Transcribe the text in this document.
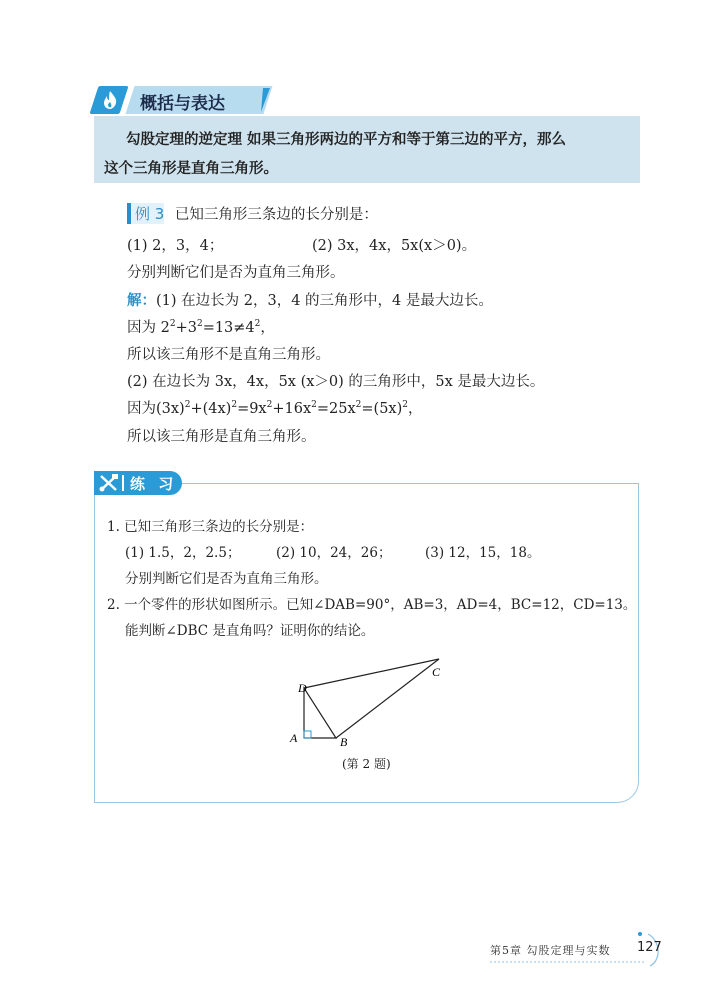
概括与表达
勾股定理的逆定理 如果三角形两边的平方和等于第三边的平方，那么
这个三角形是直角三角形。
例 3 已知三角形三条边的长分别是：
(1) 2，3，4；	(2) 3x，4x，5x(x＞0)。
分别判断它们是否为直角三角形。
解：(1) 在边长为 2，3，4 的三角形中，4 是最大边长。
因为 $2^2+3^2=13\ne 4^2$，
所以该三角形不是直角三角形。
(2) 在边长为 3x，4x，5x (x＞0) 的三角形中，5x 是最大边长。
因为$(3x)^2+(4x)^2=9x^2+16x^2=25x^2=(5x)^2$，
所以该三角形是直角三角形。
练 习
1. 已知三角形三条边的长分别是：
(1) 1.5，2，2.5；	(2) 10，24，26； (3) 12，15，18。
分别判断它们是否为直角三角形。
2. 一个零件的形状如图所示。已知∠DAB=90°，AB=3，AD=4，BC=12，CD=13。
能判断∠DBC 是直角吗？证明你的结论。
D
A	B
C
(第 2 题)
第5章 勾股定理与实数 127
